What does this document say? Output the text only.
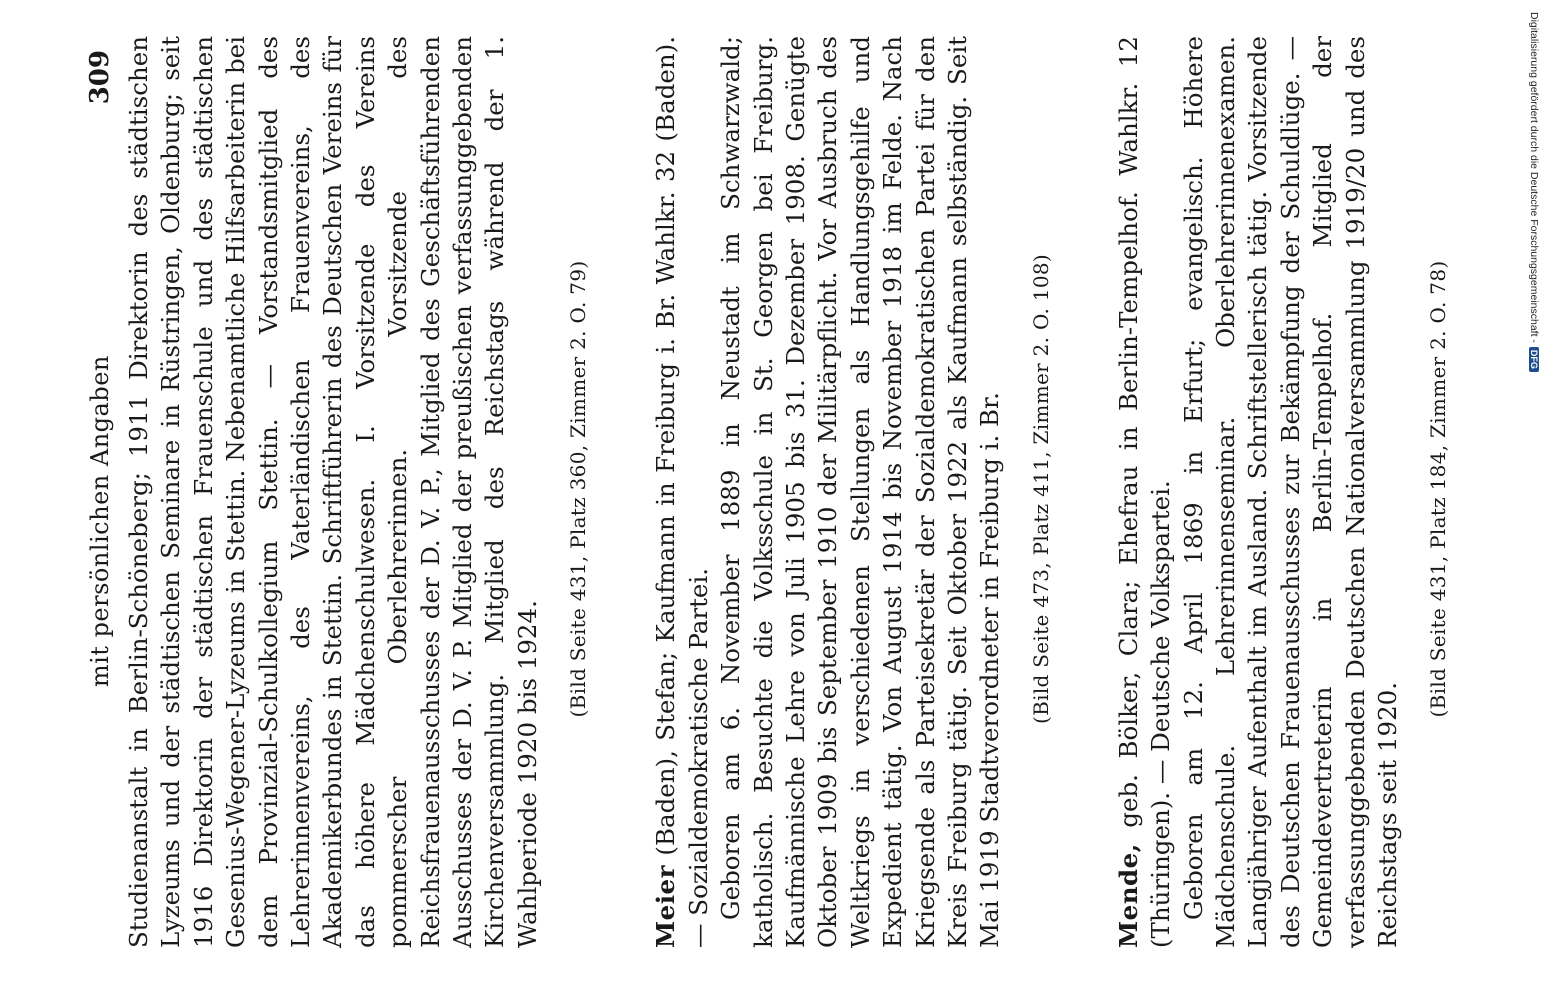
mit persönlichen Angaben
309 Studienanstalt in Berlin-Schöneberg; 1911 Direktorin des städtischen Lyzeums und der städtischen Seminare in Rüstringen, Oldenburg; seit 1916 Direktorin der städtischen Frauenschule und des städtischen Gesenius-Wegener-Lyzeums in Stettin. Nebenamtliche Hilfsarbeiterin bei dem Provinzial-Schulkollegium Stettin. — Vorstandsmitglied des Lehrerinnenvereins, des Vaterländischen Frauenvereins, des Akademikerbundes in Stettin. Schriftführerin des Deutschen Vereins für das höhere Mädchenschulwesen. I. Vorsitzende des Vereins pommerscher Oberlehrerinnen. Vorsitzende des Reichsfrauenausschusses der D. V. P., Mitglied des Geschäftsführenden Ausschusses der D. V. P. Mitglied der preußischen verfassunggebenden Kirchenversammlung. Mitglied des Reichstags während der 1. Wahlperiode 1920 bis 1924.

(Bild Seite 431, Platz 360, Zimmer 2. O. 79)

Meier (Baden), Stefan; Kaufmann in Freiburg i. Br. Wahlkr. 32 (Baden). — Sozialdemokratische Partei. Geboren am 6. November 1889 in Neustadt im Schwarzwald; katholisch. Besuchte die Volksschule in St. Georgen bei Freiburg. Kaufmännische Lehre von Juli 1905 bis 31. Dezember 1908. Genügte Oktober 1909 bis September 1910 der Militärpflicht. Vor Ausbruch des Weltkriegs in verschiedenen Stellungen als Handlungsgehilfe und Expedient tätig. Von August 1914 bis November 1918 im Felde. Nach Kriegsende als Parteisekretär der Sozialdemokratischen Partei für den Kreis Freiburg tätig. Seit Oktober 1922 als Kaufmann selbständig. Seit Mai 1919 Stadtverordneter in Freiburg i. Br. (Bild Seite 473, Platz 411, Zimmer 2. O. 108)

Mende, geb. Bölker, Clara; Ehefrau in Berlin-Tempelhof. Wahlkr. 12 (Thüringen). — Deutsche Volkspartei. Geboren am 12. April 1869 in Erfurt; evangelisch. Höhere Mädchenschule. Lehrerinnenseminar. Oberlehrerinnenexamen. Langjähriger Aufenthalt im Ausland. Schriftstellerisch tätig. Vorsitzende des Deutschen Frauenausschusses zur Bekämpfung der Schuldlüge. — Gemeindevertreterin in Berlin-Tempelhof. Mitglied der verfassunggebenden Deutschen Nationalversammlung 1919/20 und des Reichstags seit 1920.

(Bild Seite 431, Platz 184, Zimmer 2. O. 78)
Digitalisierung gefördert durch die Deutsche Forschungsgemeinschaft -DFG
